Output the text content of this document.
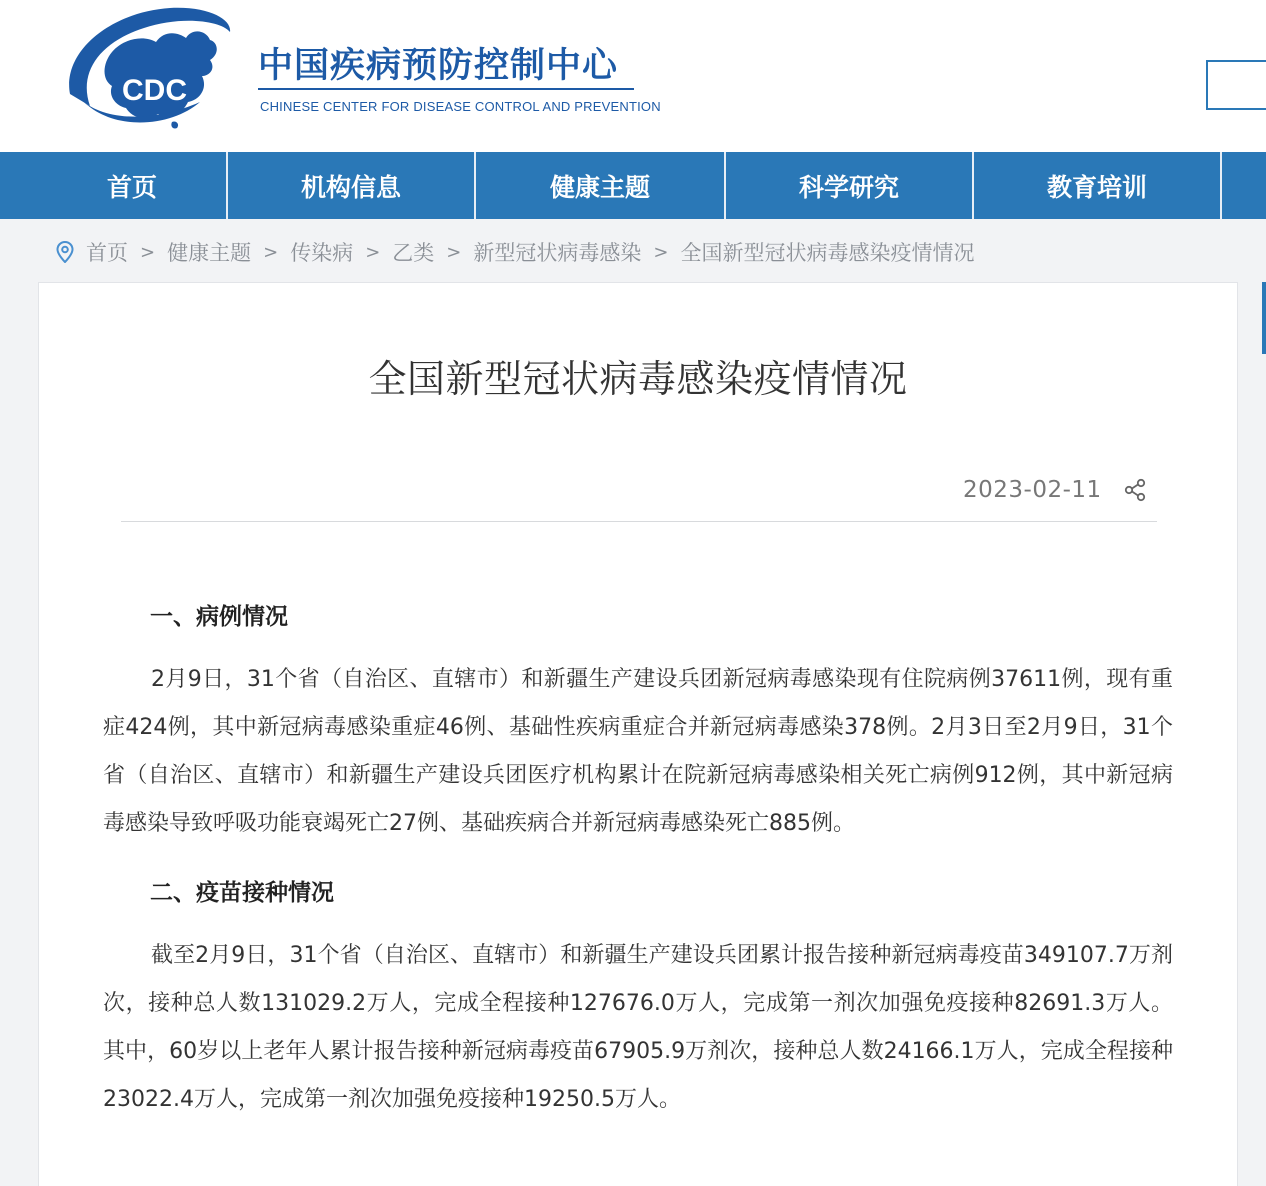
CDC
中国疾病预防控制中心
CHINESE CENTER FOR DISEASE CONTROL AND PREVENTION
首页	机构信息	健康主题	科学研究	教育培训
首页 > 健康主题 > 传染病 > 乙类 > 新型冠状病毒感染 > 全国新型冠状病毒感染疫情情况
全国新型冠状病毒感染疫情情况
2023-02-11
一、病例情况

2月9日，31个省（自治区、直辖市）和新疆生产建设兵团新冠病毒感染现有住院病例37611例，现有重症424例，其中新冠病毒感染重症46例、基础性疾病重症合并新冠病毒感染378例。2月3日至2月9日，31个省（自治区、直辖市）和新疆生产建设兵团医疗机构累计在院新冠病毒感染相关死亡病例912例，其中新冠病毒感染导致呼吸功能衰竭死亡27例、基础疾病合并新冠病毒感染死亡885例。

二、疫苗接种情况

截至2月9日，31个省（自治区、直辖市）和新疆生产建设兵团累计报告接种新冠病毒疫苗349107.7万剂次，接种总人数131029.2万人，完成全程接种127676.0万人，完成第一剂次加强免疫接种82691.3万人。其中，60岁以上老年人累计报告接种新冠病毒疫苗67905.9万剂次，接种总人数24166.1万人，完成全程接种23022.4万人，完成第一剂次加强免疫接种19250.5万人。
